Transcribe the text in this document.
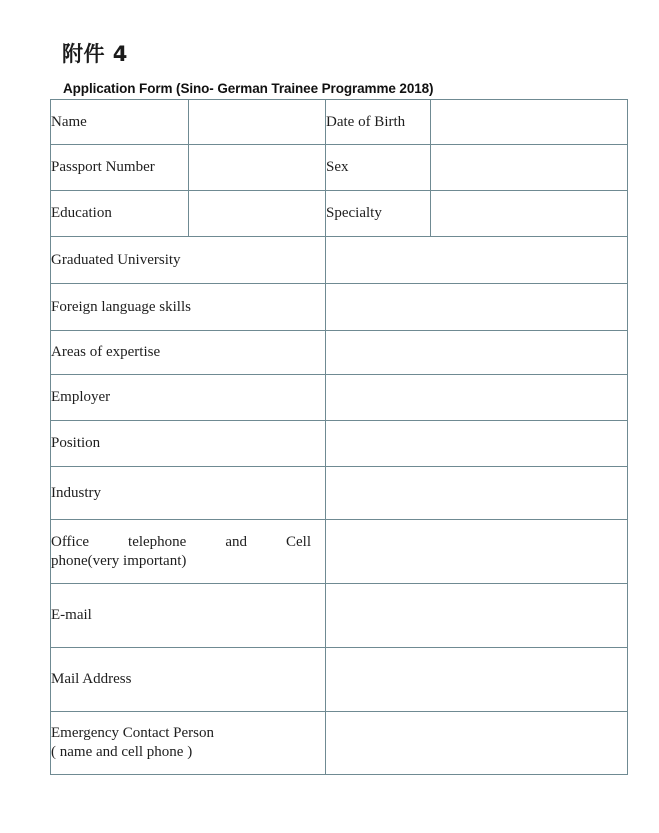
附件 4
Application Form (Sino- German Trainee Programme 2018)
Name		Date of Birth	
Passport Number		Sex	
Education		Specialty	
Graduated University			
Foreign language skills			
Areas of expertise			
Employer			
Position			
Industry			
Office telephone and Cell
phone(very important)			

E-mail			
Mail Address			
Emergency Contact Person
( name and cell phone )			
